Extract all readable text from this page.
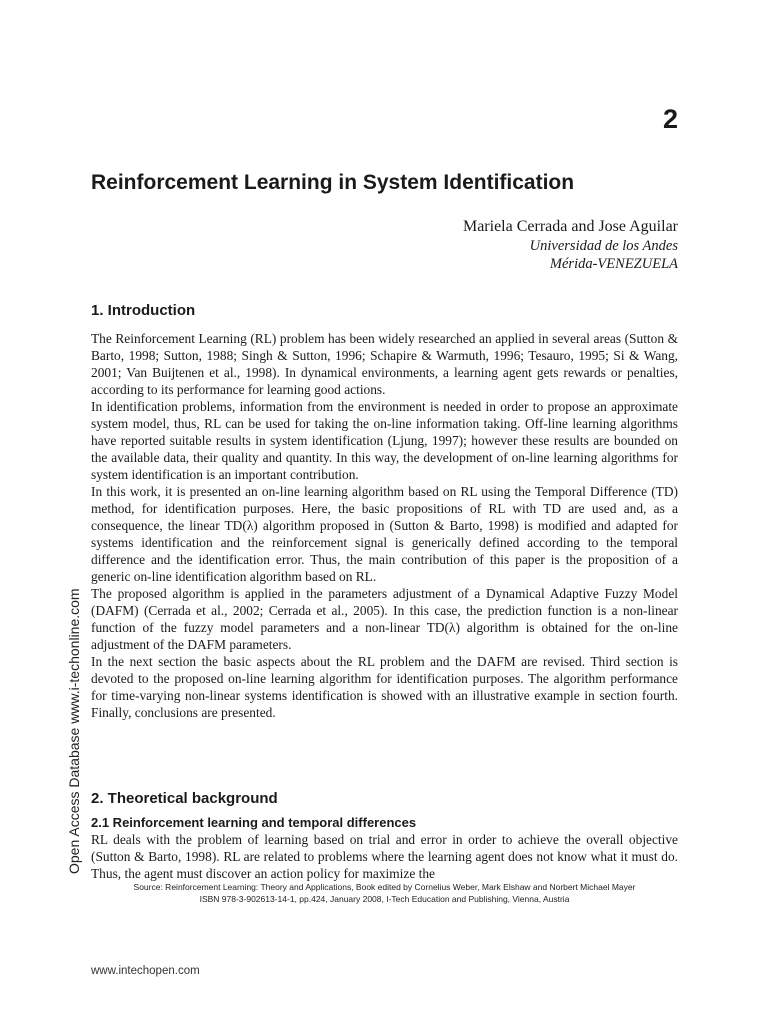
2
Reinforcement Learning in System Identification
Mariela Cerrada and Jose Aguilar
Universidad de los Andes
Mérida-VENEZUELA
1. Introduction

The Reinforcement Learning (RL) problem has been widely researched an applied in several areas (Sutton & Barto, 1998; Sutton, 1988; Singh & Sutton, 1996; Schapire & Warmuth, 1996; Tesauro, 1995; Si & Wang, 2001; Van Buijtenen et al., 1998). In dynamical environments, a learning agent gets rewards or penalties, according to its performance for learning good actions.

In identification problems, information from the environment is needed in order to propose an approximate system model, thus, RL can be used for taking the on-line information taking. Off-line learning algorithms have reported suitable results in system identification (Ljung, 1997); however these results are bounded on the available data, their quality and quantity. In this way, the development of on-line learning algorithms for system identification is an important contribution.

In this work, it is presented an on-line learning algorithm based on RL using the Temporal Difference (TD) method, for identification purposes. Here, the basic propositions of RL with TD are used and, as a consequence, the linear TD(λ) algorithm proposed in (Sutton & Barto, 1998) is modified and adapted for systems identification and the reinforcement signal is generically defined according to the temporal difference and the identification error. Thus, the main contribution of this paper is the proposition of a generic on-line identification algorithm based on RL.

The proposed algorithm is applied in the parameters adjustment of a Dynamical Adaptive Fuzzy Model (DAFM) (Cerrada et al., 2002; Cerrada et al., 2005). In this case, the prediction function is a non-linear function of the fuzzy model parameters and a non-linear TD(λ) algorithm is obtained for the on-line adjustment of the DAFM parameters.

In the next section the basic aspects about the RL problem and the DAFM are revised. Third section is devoted to the proposed on-line learning algorithm for identification purposes. The algorithm performance for time-varying non-linear systems identification is showed with an illustrative example in section fourth. Finally, conclusions are presented.

2. Theoretical background
2.1 Reinforcement learning and temporal differences

RL deals with the problem of learning based on trial and error in order to achieve the overall objective (Sutton & Barto, 1998). RL are related to problems where the learning agent does not know what it must do. Thus, the agent must discover an action policy for maximize the

Open Access Database www.i-techonline.com
Source: Reinforcement Learning: Theory and Applications, Book edited by Cornelius Weber, Mark Elshaw and Norbert Michael Mayer
ISBN 978-3-902613-14-1, pp.424, January 2008, I-Tech Education and Publishing, Vienna, Austria
www.intechopen.com
